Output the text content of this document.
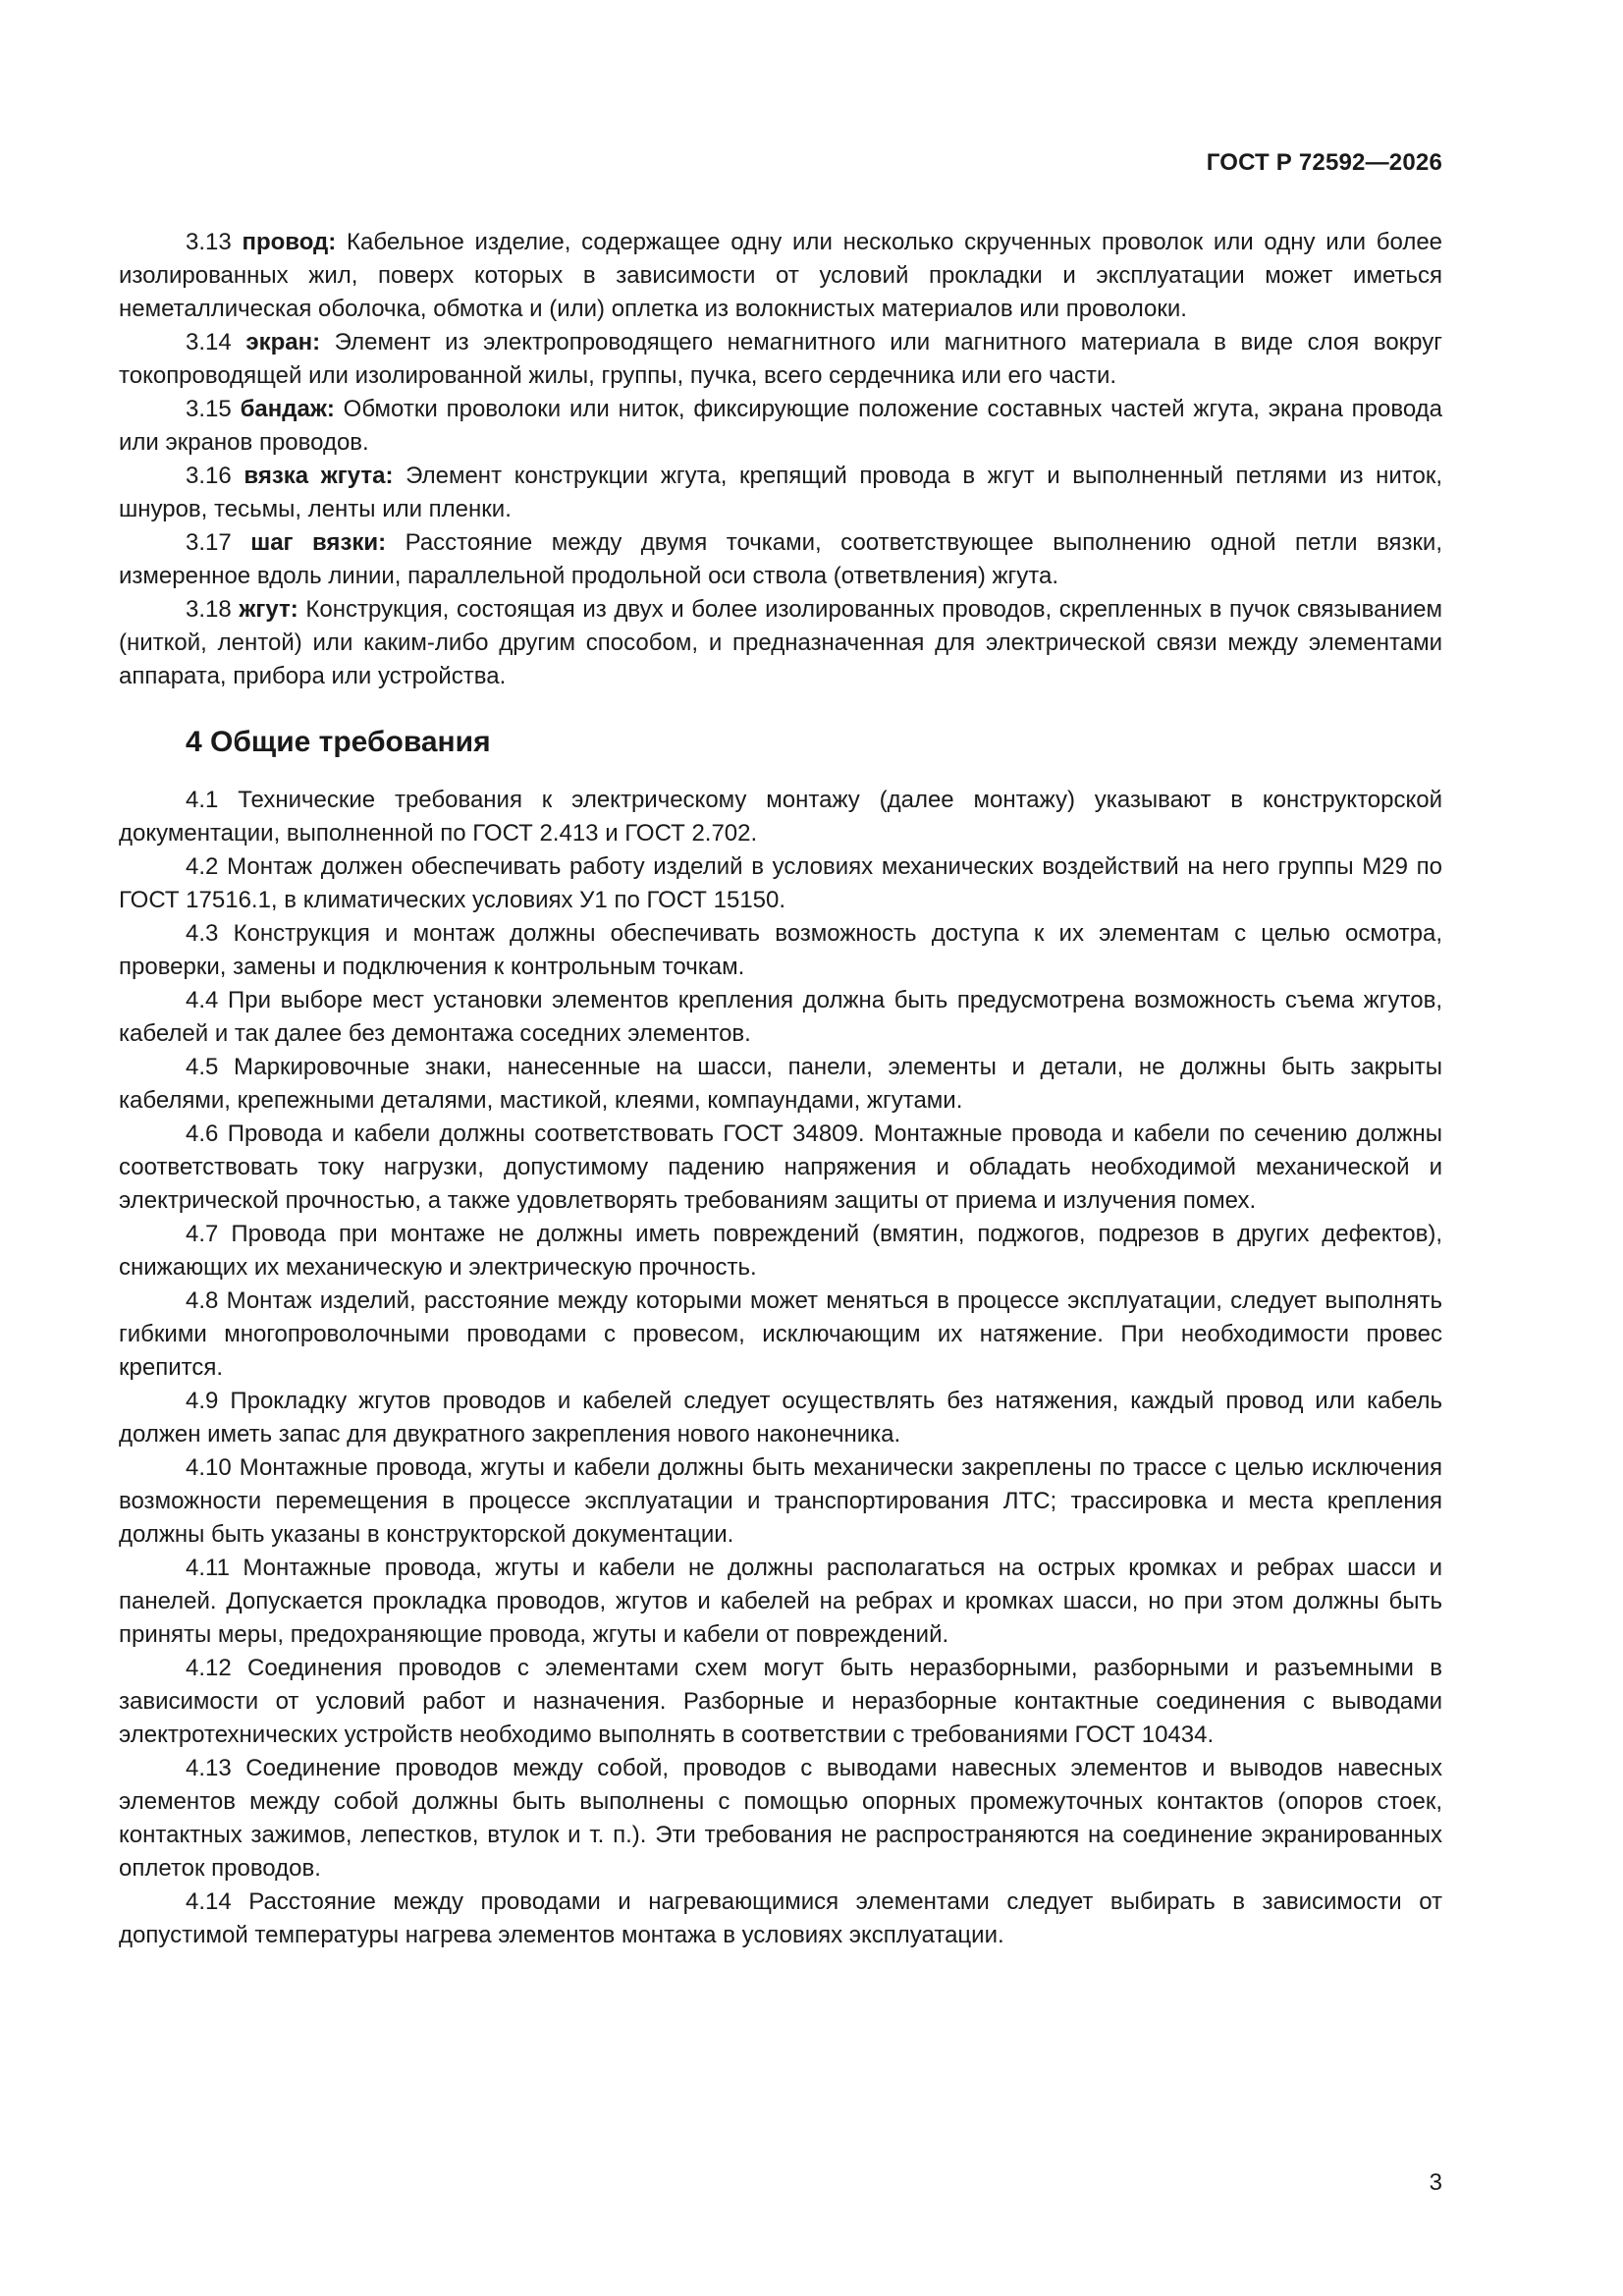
ГОСТ Р 72592—2026

3.13 провод: Кабельное изделие, содержащее одну или несколько скрученных проволок или одну или более изолированных жил, поверх которых в зависимости от условий прокладки и эксплуатации может иметься неметаллическая оболочка, обмотка и (или) оплетка из волокнистых материалов или проволоки.

3.14 экран: Элемент из электропроводящего немагнитного или магнитного материала в виде слоя вокруг токопроводящей или изолированной жилы, группы, пучка, всего сердечника или его части.

3.15 бандаж: Обмотки проволоки или ниток, фиксирующие положение составных частей жгута, экрана провода или экранов проводов.

3.16 вязка жгута: Элемент конструкции жгута, крепящий провода в жгут и выполненный петлями из ниток, шнуров, тесьмы, ленты или пленки.

3.17 шаг вязки: Расстояние между двумя точками, соответствующее выполнению одной петли вязки, измеренное вдоль линии, параллельной продольной оси ствола (ответвления) жгута.

3.18 жгут: Конструкция, состоящая из двух и более изолированных проводов, скрепленных в пучок связыванием (ниткой, лентой) или каким-либо другим способом, и предназначенная для электрической связи между элементами аппарата, прибора или устройства.

4 Общие требования

4.1 Технические требования к электрическому монтажу (далее монтажу) указывают в конструкторской документации, выполненной по ГОСТ 2.413 и ГОСТ 2.702.

4.2 Монтаж должен обеспечивать работу изделий в условиях механических воздействий на него группы М29 по ГОСТ 17516.1, в климатических условиях У1 по ГОСТ 15150.

4.3 Конструкция и монтаж должны обеспечивать возможность доступа к их элементам с целью осмотра, проверки, замены и подключения к контрольным точкам.

4.4 При выборе мест установки элементов крепления должна быть предусмотрена возможность съема жгутов, кабелей и так далее без демонтажа соседних элементов.

4.5 Маркировочные знаки, нанесенные на шасси, панели, элементы и детали, не должны быть закрыты кабелями, крепежными деталями, мастикой, клеями, компаундами, жгутами.

4.6 Провода и кабели должны соответствовать ГОСТ 34809. Монтажные провода и кабели по сечению должны соответствовать току нагрузки, допустимому падению напряжения и обладать необходимой механической и электрической прочностью, а также удовлетворять требованиям защиты от приема и излучения помех.

4.7 Провода при монтаже не должны иметь повреждений (вмятин, поджогов, подрезов в других дефектов), снижающих их механическую и электрическую прочность.

4.8 Монтаж изделий, расстояние между которыми может меняться в процессе эксплуатации, следует выполнять гибкими многопроволочными проводами с провесом, исключающим их натяжение. При необходимости провес крепится.

4.9 Прокладку жгутов проводов и кабелей следует осуществлять без натяжения, каждый провод или кабель должен иметь запас для двукратного закрепления нового наконечника.

4.10 Монтажные провода, жгуты и кабели должны быть механически закреплены по трассе с целью исключения возможности перемещения в процессе эксплуатации и транспортирования ЛТС; трассировка и места крепления должны быть указаны в конструкторской документации.

4.11 Монтажные провода, жгуты и кабели не должны располагаться на острых кромках и ребрах шасси и панелей. Допускается прокладка проводов, жгутов и кабелей на ребрах и кромках шасси, но при этом должны быть приняты меры, предохраняющие провода, жгуты и кабели от повреждений.

4.12 Соединения проводов с элементами схем могут быть неразборными, разборными и разъемными в зависимости от условий работ и назначения. Разборные и неразборные контактные соединения с выводами электротехнических устройств необходимо выполнять в соответствии с требованиями ГОСТ 10434.

4.13 Соединение проводов между собой, проводов с выводами навесных элементов и выводов навесных элементов между собой должны быть выполнены с помощью опорных промежуточных контактов (опоров стоек, контактных зажимов, лепестков, втулок и т. п.). Эти требования не распространяются на соединение экранированных оплеток проводов.

4.14 Расстояние между проводами и нагревающимися элементами следует выбирать в зависимости от допустимой температуры нагрева элементов монтажа в условиях эксплуатации.

3
